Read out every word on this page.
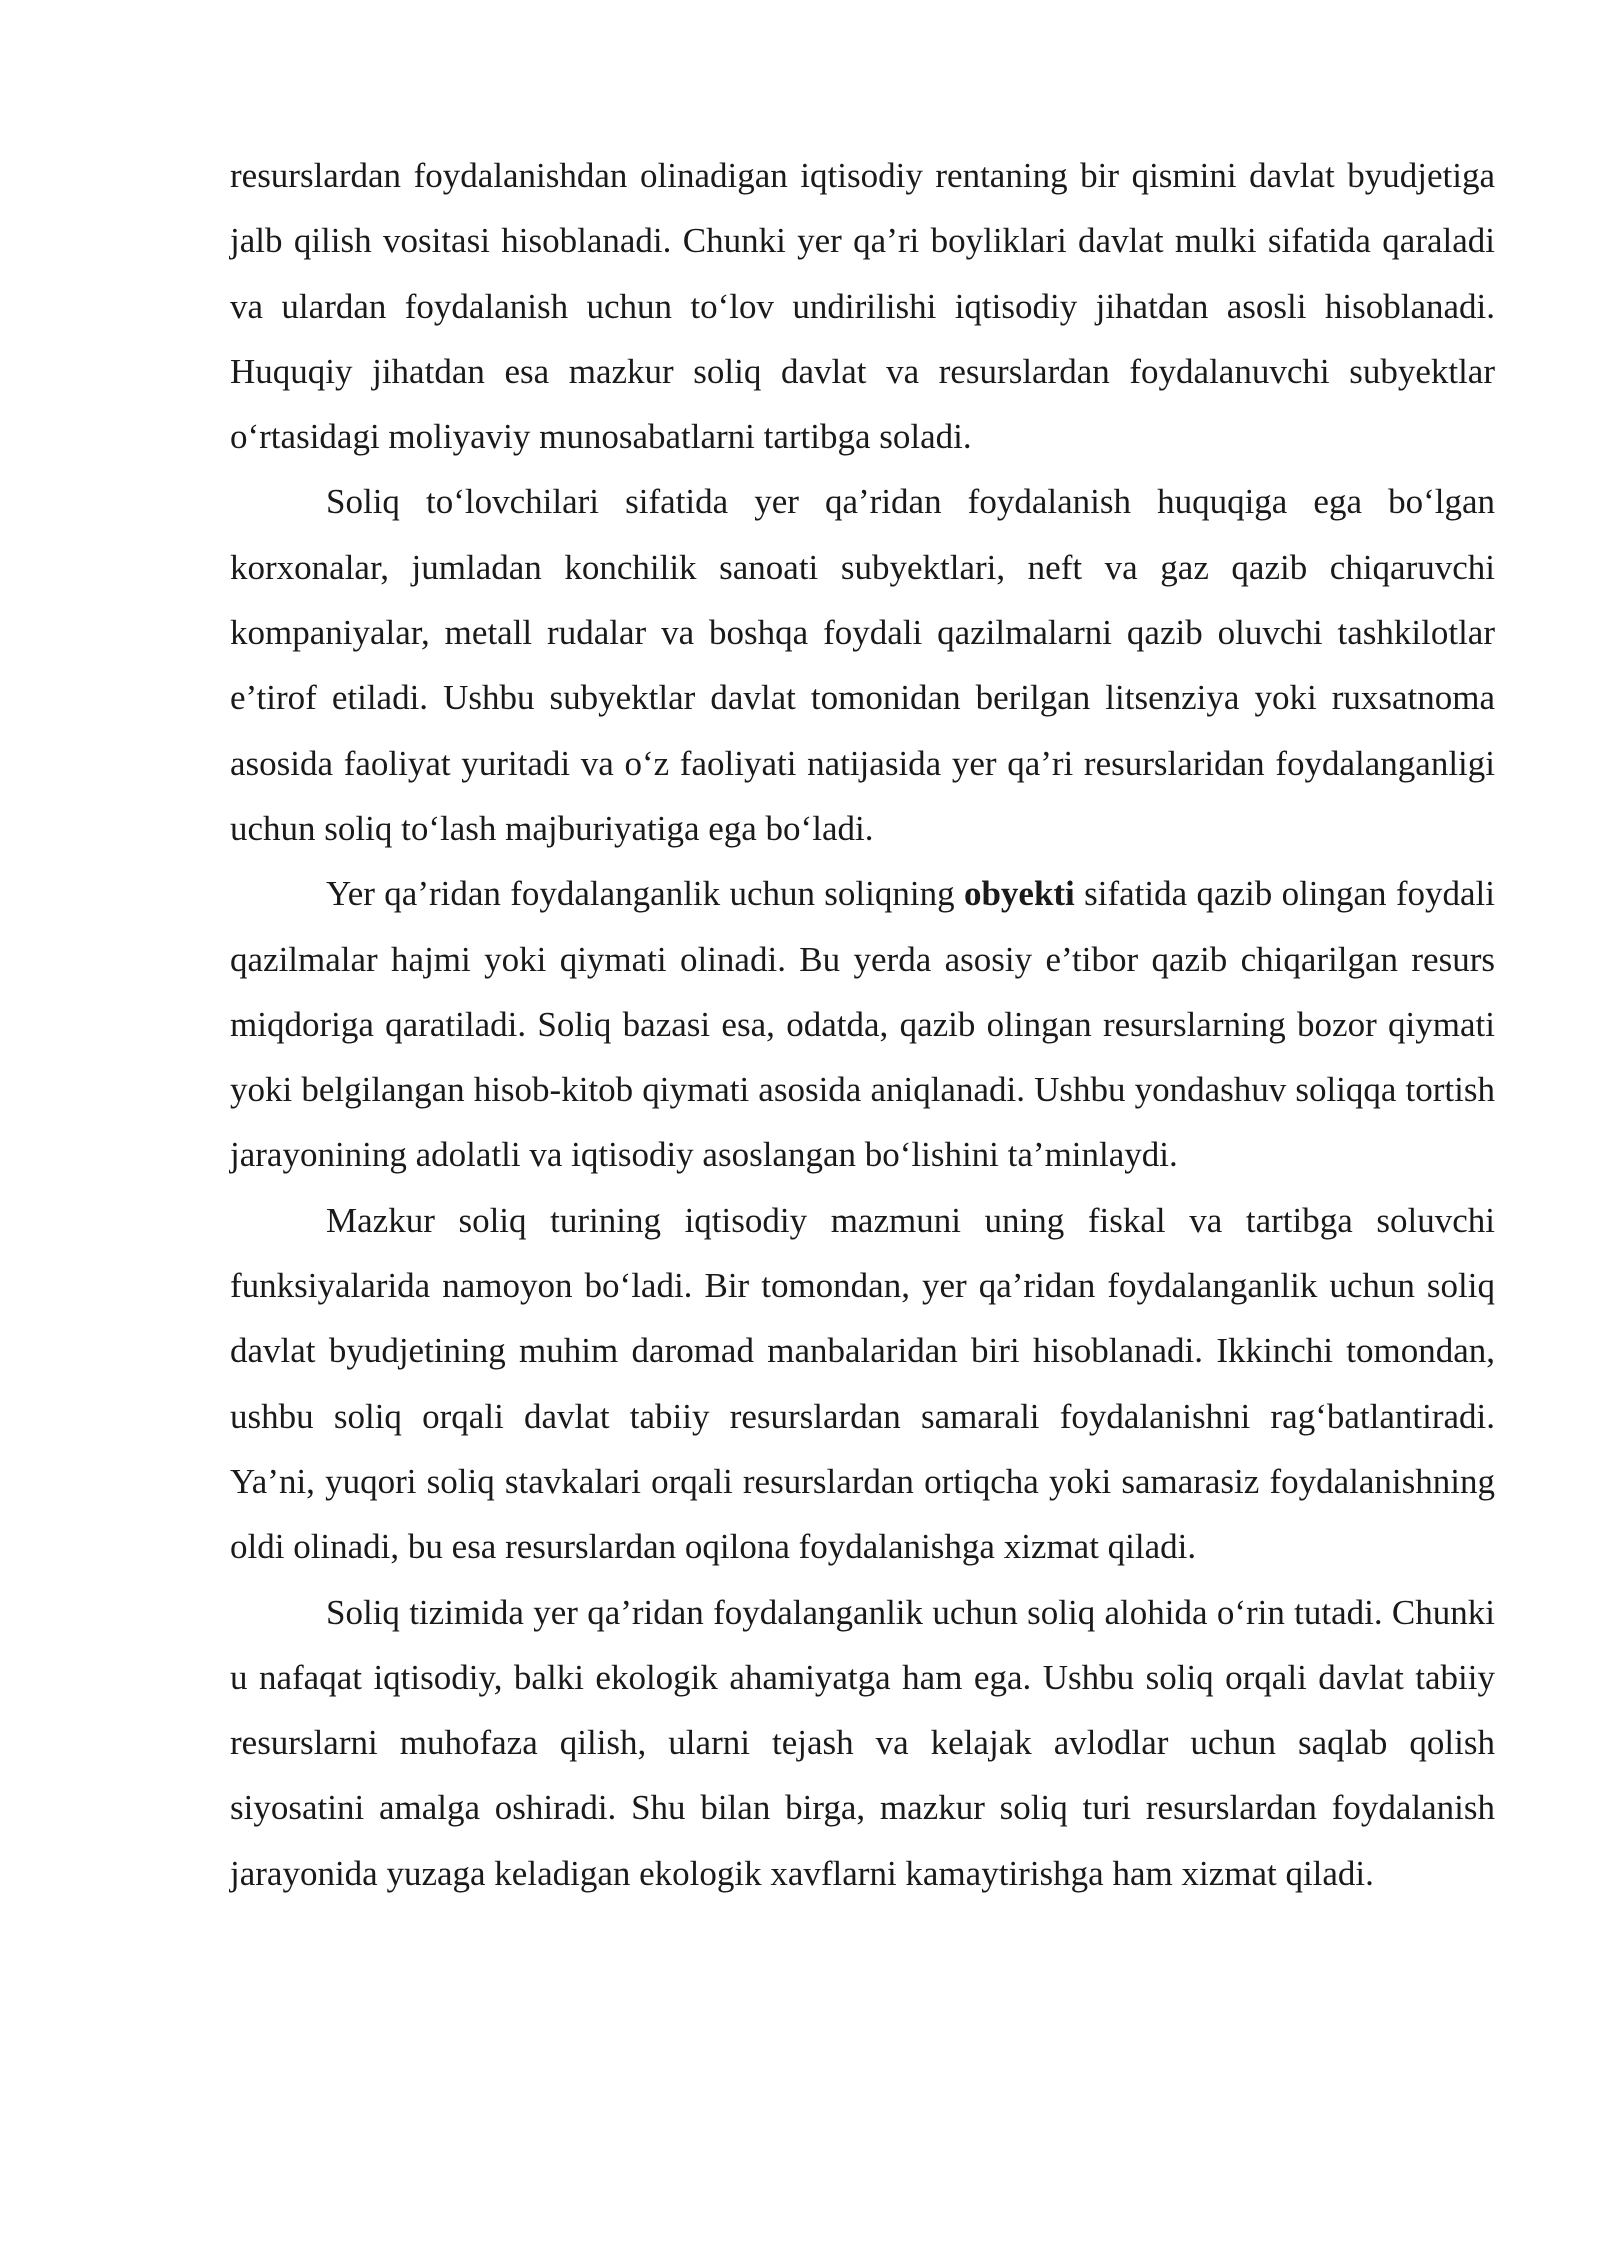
resurslardan foydalanishdan olinadigan iqtisodiy rentaning bir qismini davlat byudjetiga jalb qilish vositasi hisoblanadi. Chunki yer qa’ri boyliklari davlat mulki sifatida qaraladi va ulardan foydalanish uchun to‘lov undirilishi iqtisodiy jihatdan asosli hisoblanadi. Huquqiy jihatdan esa mazkur soliq davlat va resurslardan foydalanuvchi subyektlar o‘rtasidagi moliyaviy munosabatlarni tartibga soladi.

Soliq to‘lovchilari sifatida yer qa’ridan foydalanish huquqiga ega bo‘lgan korxonalar, jumladan konchilik sanoati subyektlari, neft va gaz qazib chiqaruvchi kompaniyalar, metall rudalar va boshqa foydali qazilmalarni qazib oluvchi tashkilotlar e’tirof etiladi. Ushbu subyektlar davlat tomonidan berilgan litsenziya yoki ruxsatnoma asosida faoliyat yuritadi va o‘z faoliyati natijasida yer qa’ri resurslaridan foydalanganligi uchun soliq to‘lash majburiyatiga ega bo‘ladi.

Yer qa’ridan foydalanganlik uchun soliqning obyekti sifatida qazib olingan foydali qazilmalar hajmi yoki qiymati olinadi. Bu yerda asosiy e’tibor qazib chiqarilgan resurs miqdoriga qaratiladi. Soliq bazasi esa, odatda, qazib olingan resurslarning bozor qiymati yoki belgilangan hisob-kitob qiymati asosida aniqlanadi. Ushbu yondashuv soliqqa tortish jarayonining adolatli va iqtisodiy asoslangan bo‘lishini ta’minlaydi.

Mazkur soliq turining iqtisodiy mazmuni uning fiskal va tartibga soluvchi funksiyalarida namoyon bo‘ladi. Bir tomondan, yer qa’ridan foydalanganlik uchun soliq davlat byudjetining muhim daromad manbalaridan biri hisoblanadi. Ikkinchi tomondan, ushbu soliq orqali davlat tabiiy resurslardan samarali foydalanishni rag‘batlantiradi. Ya’ni, yuqori soliq stavkalari orqali resurslardan ortiqcha yoki samarasiz foydalanishning oldi olinadi, bu esa resurslardan oqilona foydalanishga xizmat qiladi.

Soliq tizimida yer qa’ridan foydalanganlik uchun soliq alohida o‘rin tutadi. Chunki u nafaqat iqtisodiy, balki ekologik ahamiyatga ham ega. Ushbu soliq orqali davlat tabiiy resurslarni muhofaza qilish, ularni tejash va kelajak avlodlar uchun saqlab qolish siyosatini amalga oshiradi. Shu bilan birga, mazkur soliq turi resurslardan foydalanish jarayonida yuzaga keladigan ekologik xavflarni kamaytirishga ham xizmat qiladi.
